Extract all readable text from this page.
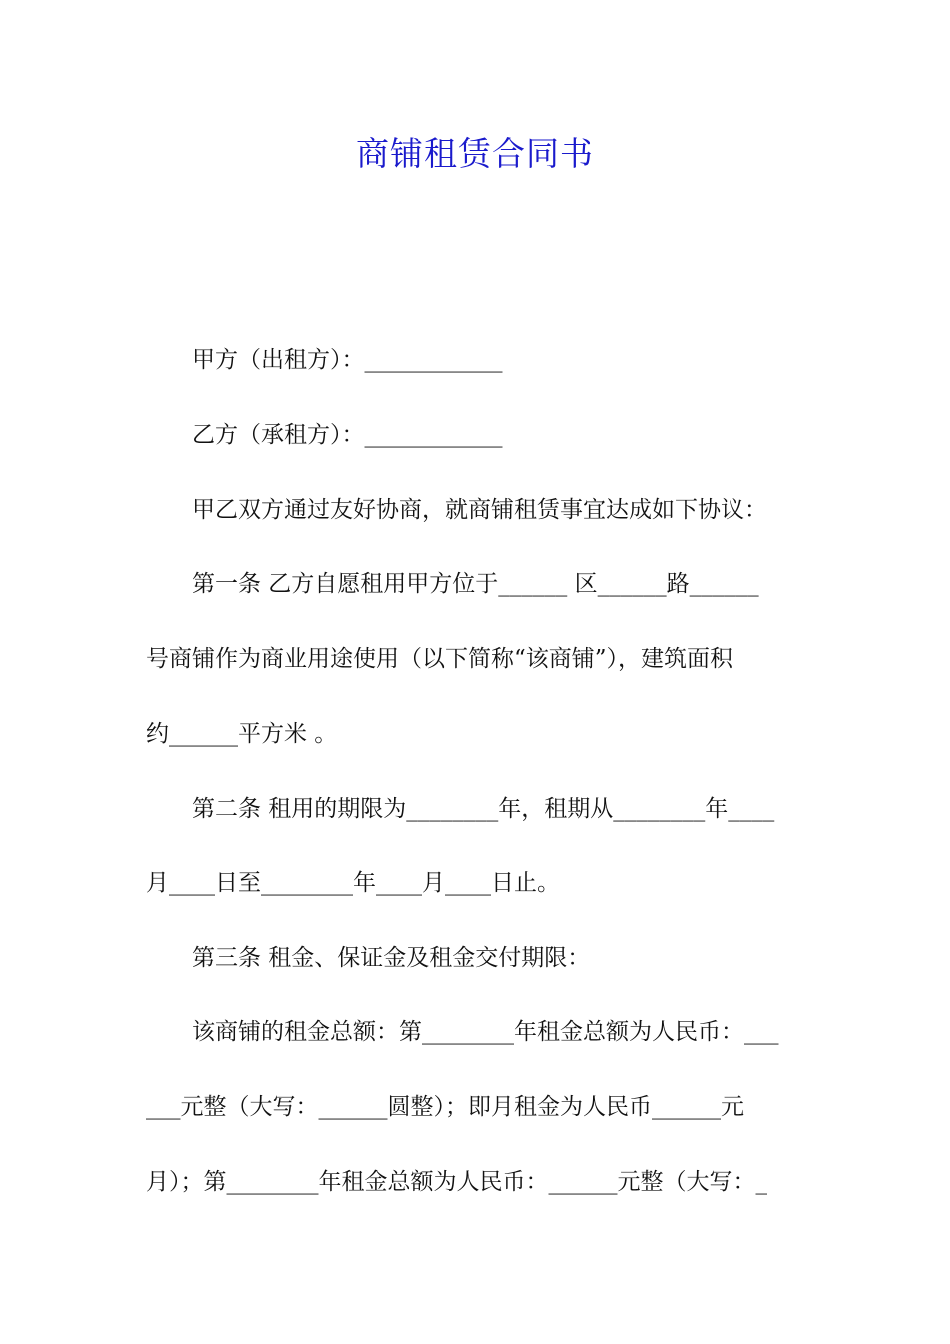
商铺租赁合同书
甲方（出租方）：____________
乙方（承租方）：____________
甲乙双方通过友好协商，就商铺租赁事宜达成如下协议：
第一条 乙方自愿租用甲方位于______ 区______路______
号商铺作为商业用途使用（以下简称“该商铺”），建筑面积
约______平方米 。
第二条 租用的期限为________年，租期从________年____
月____日至________年____月____日止。
第三条 租金、保证金及租金交付期限：
该商铺的租金总额：第________年租金总额为人民币：___
___元整（大写：______圆整）；即月租金为人民币______元
月）；第________年租金总额为人民币：______元整（大写：_
